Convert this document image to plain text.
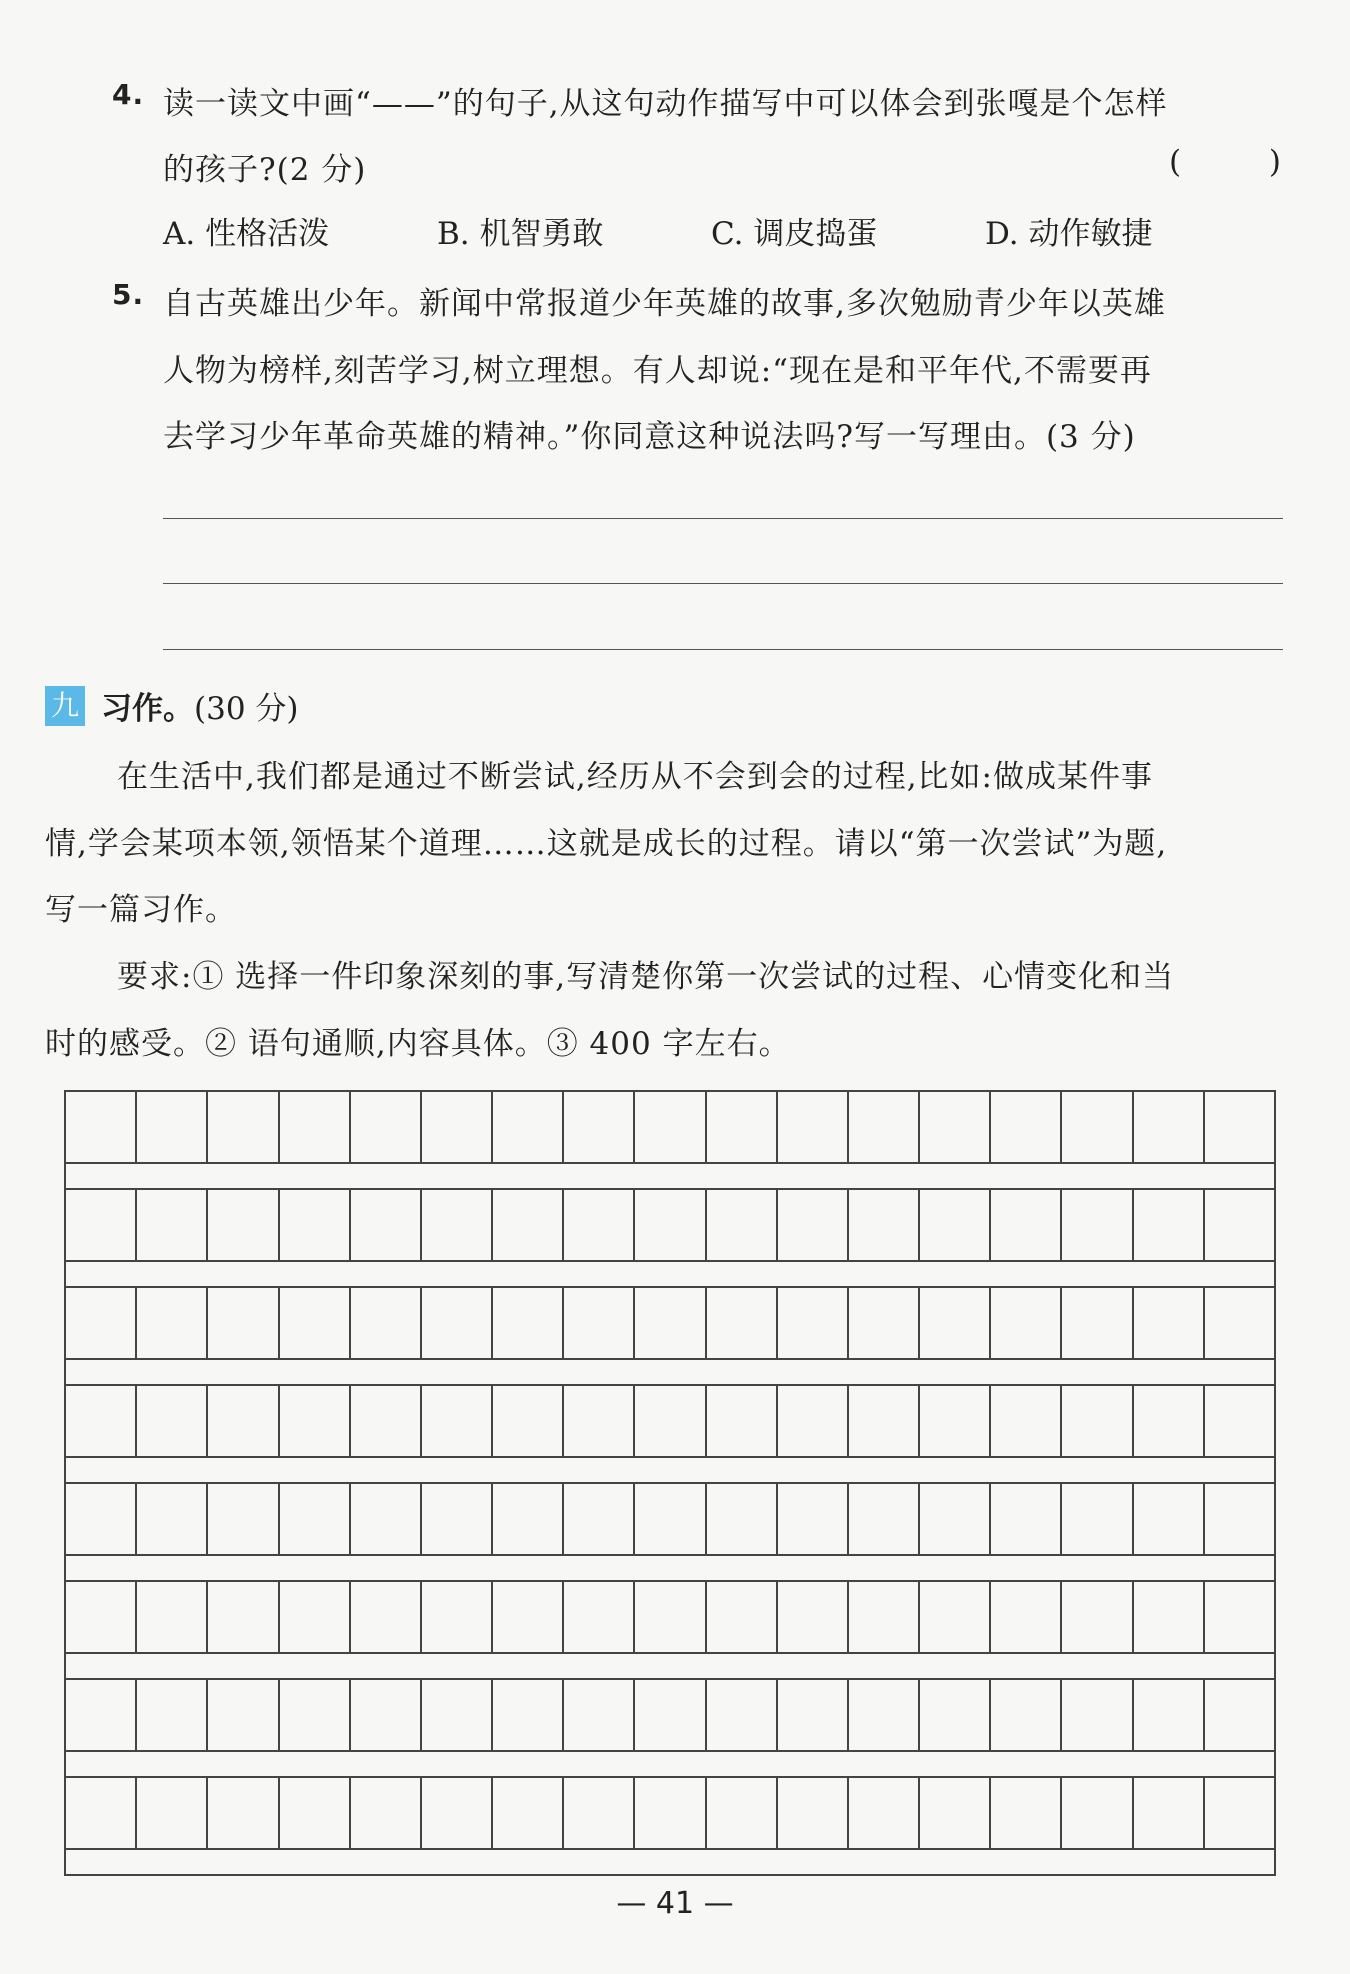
4. 读一读文中画“——”的句子,从这句动作描写中可以体会到张嘎是个怎样
的孩子?(2 分)	(        )
A. 性格活泼	B. 机智勇敢	C. 调皮捣蛋	D. 动作敏捷
5. 自古英雄出少年。新闻中常报道少年英雄的故事,多次勉励青少年以英雄
人物为榜样,刻苦学习,树立理想。有人却说:“现在是和平年代,不需要再
去学习少年革命英雄的精神。”你同意这种说法吗?写一写理由。(3 分)
九 习作。(30 分)
在生活中,我们都是通过不断尝试,经历从不会到会的过程,比如:做成某件事
情,学会某项本领,领悟某个道理……这就是成长的过程。请以“第一次尝试”为题,
写一篇习作。
要求:① 选择一件印象深刻的事,写清楚你第一次尝试的过程、心情变化和当
时的感受。② 语句通顺,内容具体。③ 400 字左右。
— 41 —
